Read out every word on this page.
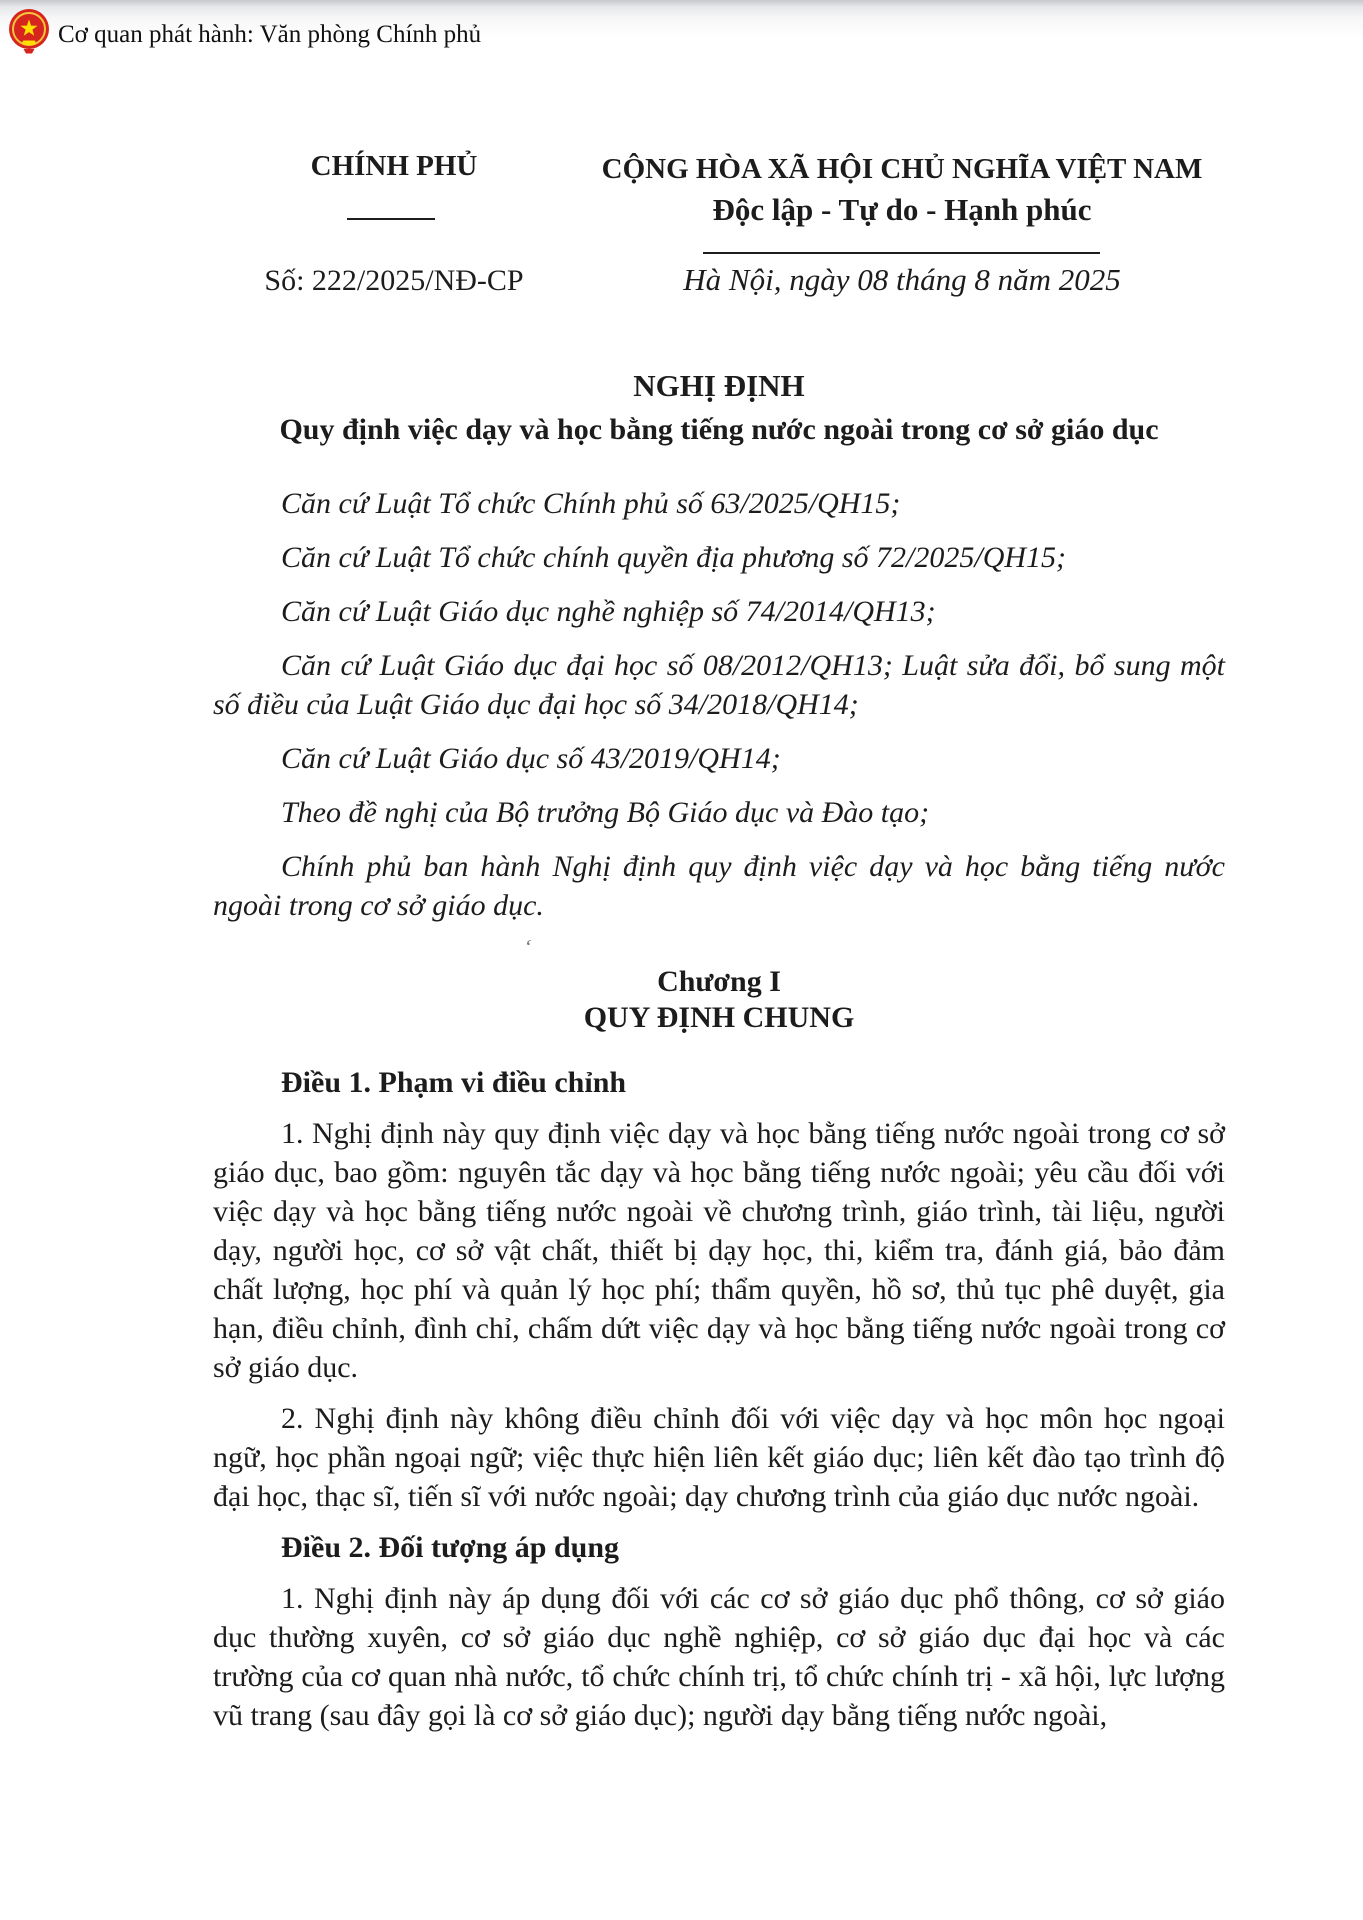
Cơ quan phát hành: Văn phòng Chính phủ
CHÍNH PHỦ	CỘNG HÒA XÃ HỘI CHỦ NGHĨA VIỆT NAM
Độc lập - Tự do - Hạnh phúc
Số: 222/2025/NĐ-CP	Hà Nội, ngày 08 tháng 8 năm 2025
NGHỊ ĐỊNH
Quy định việc dạy và học bằng tiếng nước ngoài trong cơ sở giáo dục

Căn cứ Luật Tổ chức Chính phủ số 63/2025/QH15;

Căn cứ Luật Tổ chức chính quyền địa phương số 72/2025/QH15;

Căn cứ Luật Giáo dục nghề nghiệp số 74/2014/QH13;

Căn cứ Luật Giáo dục đại học số 08/2012/QH13; Luật sửa đổi, bổ sung một số điều của Luật Giáo dục đại học số 34/2018/QH14;

Căn cứ Luật Giáo dục số 43/2019/QH14;

Theo đề nghị của Bộ trưởng Bộ Giáo dục và Đào tạo;

Chính phủ ban hành Nghị định quy định việc dạy và học bằng tiếng nước ngoài trong cơ sở giáo dục.

ʻ
Chương I
QUY ĐỊNH CHUNG
Điều 1. Phạm vi điều chỉnh

1. Nghị định này quy định việc dạy và học bằng tiếng nước ngoài trong cơ sở giáo dục, bao gồm: nguyên tắc dạy và học bằng tiếng nước ngoài; yêu cầu đối với việc dạy và học bằng tiếng nước ngoài về chương trình, giáo trình, tài liệu, người dạy, người học, cơ sở vật chất, thiết bị dạy học, thi, kiểm tra, đánh giá, bảo đảm chất lượng, học phí và quản lý học phí; thẩm quyền, hồ sơ, thủ tục phê duyệt, gia hạn, điều chỉnh, đình chỉ, chấm dứt việc dạy và học bằng tiếng nước ngoài trong cơ sở giáo dục.

2. Nghị định này không điều chỉnh đối với việc dạy và học môn học ngoại ngữ, học phần ngoại ngữ; việc thực hiện liên kết giáo dục; liên kết đào tạo trình độ đại học, thạc sĩ, tiến sĩ với nước ngoài; dạy chương trình của giáo dục nước ngoài.

Điều 2. Đối tượng áp dụng

1. Nghị định này áp dụng đối với các cơ sở giáo dục phổ thông, cơ sở giáo dục thường xuyên, cơ sở giáo dục nghề nghiệp, cơ sở giáo dục đại học và các trường của cơ quan nhà nước, tổ chức chính trị, tổ chức chính trị - xã hội, lực lượng vũ trang (sau đây gọi là cơ sở giáo dục); người dạy bằng tiếng nước ngoài,
